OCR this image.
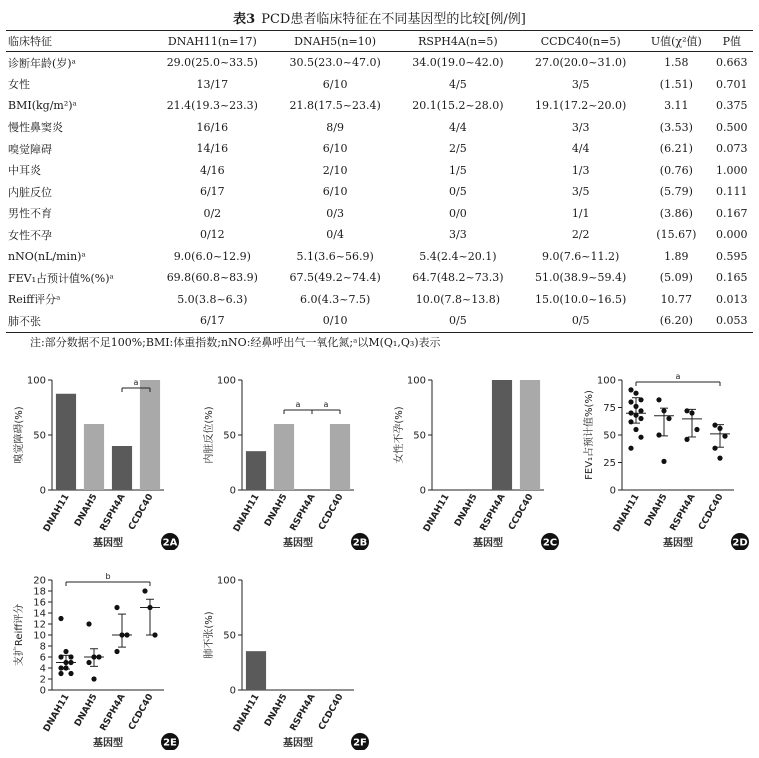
表3 PCD患者临床特征在不同基因型的比较[例/例]
临床特征	DNAH11(n=17)	DNAH5(n=10)	RSPH4A(n=5)	CCDC40(n=5)	U值(χ²值)	P值
诊断年龄(岁)ᵃ	29.0(25.0~33.5)	30.5(23.0~47.0)	34.0(19.0~42.0)	27.0(20.0~31.0)	1.58	0.663
女性	13/17	6/10	4/5	3/5	(1.51)	0.701
BMI(kg/m²)ᵃ	21.4(19.3~23.3)	21.8(17.5~23.4)	20.1(15.2~28.0)	19.1(17.2~20.0)	3.11	0.375
慢性鼻窦炎	16/16	8/9	4/4	3/3	(3.53)	0.500
嗅觉障碍	14/16	6/10	2/5	4/4	(6.21)	0.073
中耳炎	4/16	2/10	1/5	1/3	(0.76)	1.000
内脏反位	6/17	6/10	0/5	3/5	(5.79)	0.111
男性不育	0/2	0/3	0/0	1/1	(3.86)	0.167
女性不孕	0/12	0/4	3/3	2/2	(15.67)	0.000
nNO(nL/min)ᵃ	9.0(6.0~12.9)	5.1(3.6~56.9)	5.4(2.4~20.1)	9.0(7.6~11.2)	1.89	0.595
FEV₁占预计值%(%)ᵃ	69.8(60.8~83.9)	67.5(49.2~74.4)	64.7(48.2~73.3)	51.0(38.9~59.4)	(5.09)	0.165
Reiff评分ᵃ	5.0(3.8~6.3)	6.0(4.3~7.5)	10.0(7.8~13.8)	15.0(10.0~16.5)	10.77	0.013
肺不张	6/17	0/10	0/5	0/5	(6.20)	0.053
注:部分数据不足100%;BMI:体重指数;nNO:经鼻呼出气一氧化氮;ᵃ以M(Q₁,Q₃)表示
0
50
100
嗅觉障碍(%)
DNAH11 DNAH5
RSPH4A CCDC40
基因型	2A
a
0
50
100
内脏反位(%)
DNAH11 DNAH5
RSPH4A CCDC40
基因型	2B
a	a
0
50
100
女性不孕(%)
DNAH11 DNAH5
RSPH4A CCDC40
基因型	2C
0
25
50
75
100
FEV₁占预计值%(%)
DNAH11 DNAH5
RSPH4A CCDC40
基因型	2D
a
0
2
4
6
8
10
12
14
16
18
20
支扩Reiff评分
DNAH11 DNAH5
RSPH4A CCDC40
基因型	2E
b
0
50
100
肺不张(%)
DNAH11 DNAH5
RSPH4A CCDC40
基因型	2F
